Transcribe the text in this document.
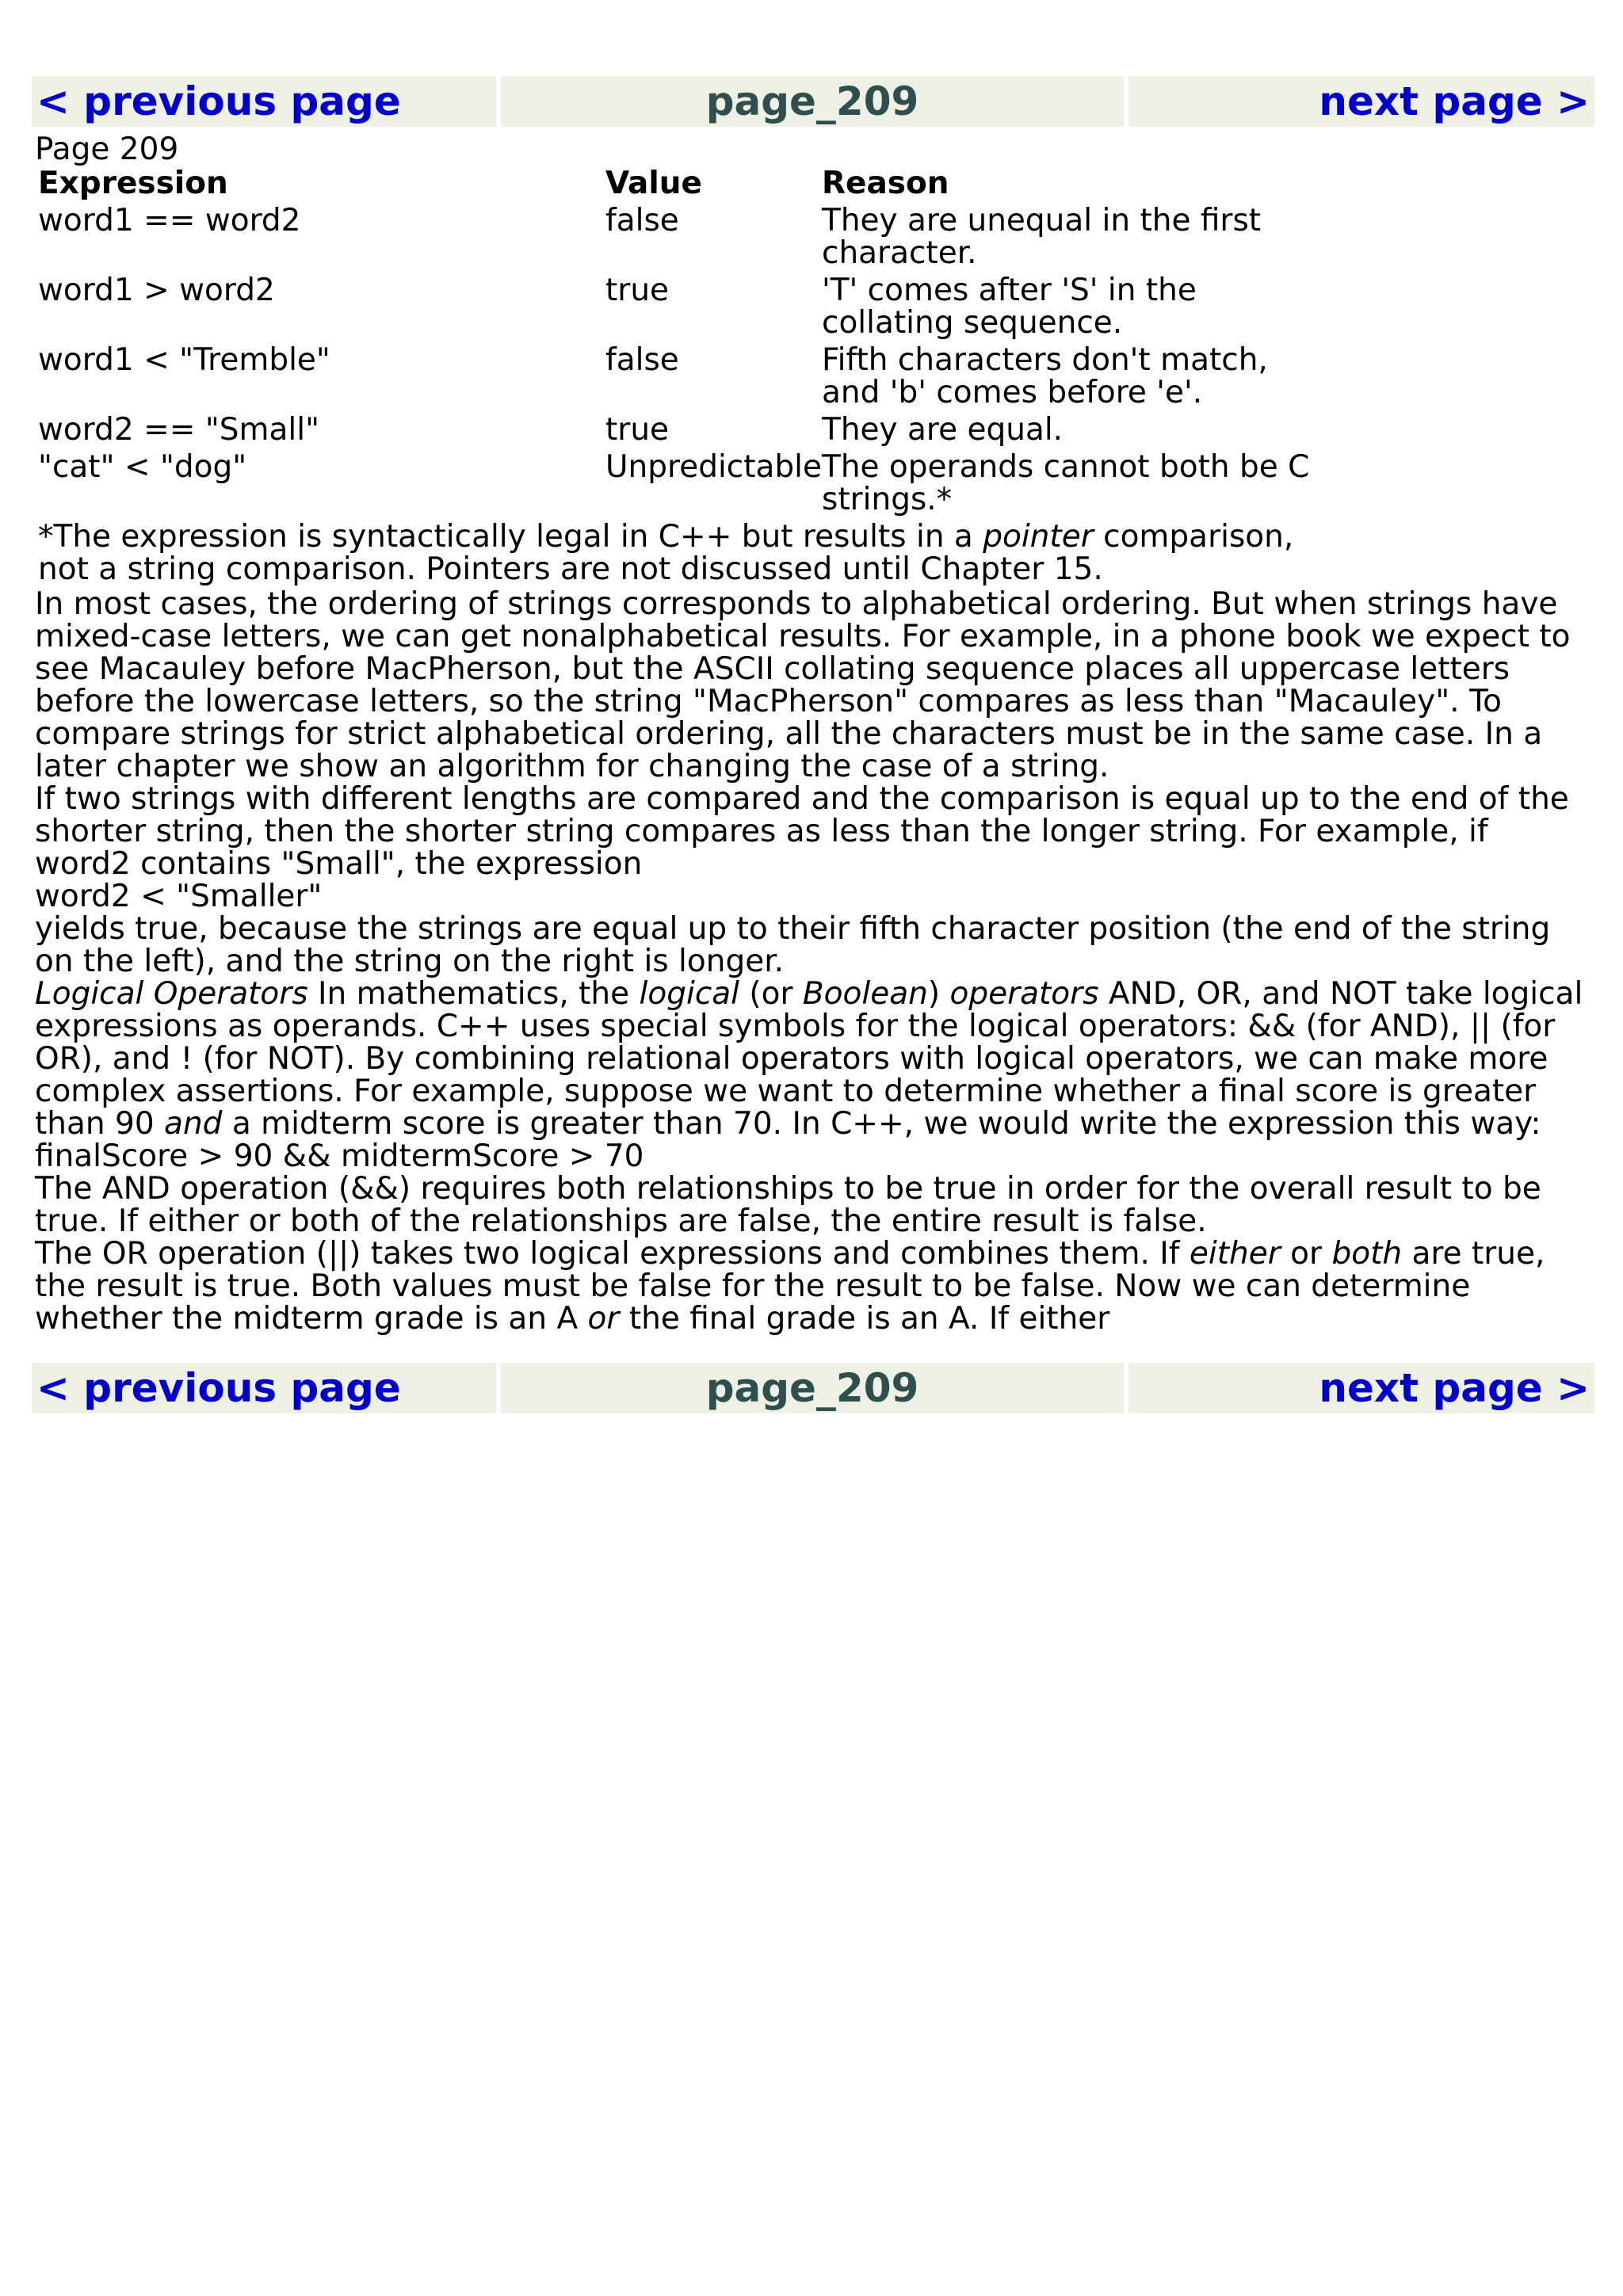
< previous page	page_209	next page >
Page 209
Expression	Value	Reason
word1 == word2	false	They are unequal in the first character.
word1 > word2	true	'T' comes after 'S' in the collating sequence.
word1 < "Tremble"	false	Fifth characters don't match, and 'b' comes before 'e'.
word2 == "Small"	true	They are equal.
"cat" < "dog"	Unpredictable	The operands cannot both be C strings.*
*The expression is syntactically legal in C++ but results in a pointer comparison, not a string comparison. Pointers are not discussed until Chapter 15.

In most cases, the ordering of strings corresponds to alphabetical ordering. But when strings have mixed-case letters, we can get nonalphabetical results. For example, in a phone book we expect to see Macauley before MacPherson, but the ASCII collating sequence places all uppercase letters before the lowercase letters, so the string "MacPherson" compares as less than "Macauley". To compare strings for strict alphabetical ordering, all the characters must be in the same case. In a later chapter we show an algorithm for changing the case of a string.

If two strings with different lengths are compared and the comparison is equal up to the end of the shorter string, then the shorter string compares as less than the longer string. For example, if word2 contains "Small", the expression

word2 < "Smaller"

yields true, because the strings are equal up to their fifth character position (the end of the string on the left), and the string on the right is longer.

Logical Operators In mathematics, the logical (or Boolean) operators AND, OR, and NOT take logical expressions as operands. C++ uses special symbols for the logical operators: && (for AND), || (for OR), and ! (for NOT). By combining relational operators with logical operators, we can make more complex assertions. For example, suppose we want to determine whether a final score is greater than 90 and a midterm score is greater than 70. In C++, we would write the expression this way:

finalScore > 90 && midtermScore > 70

The AND operation (&&) requires both relationships to be true in order for the overall result to be true. If either or both of the relationships are false, the entire result is false.

The OR operation (||) takes two logical expressions and combines them. If either or both are true, the result is true. Both values must be false for the result to be false. Now we can determine whether the midterm grade is an A or the final grade is an A. If either

< previous page	page_209	next page >
